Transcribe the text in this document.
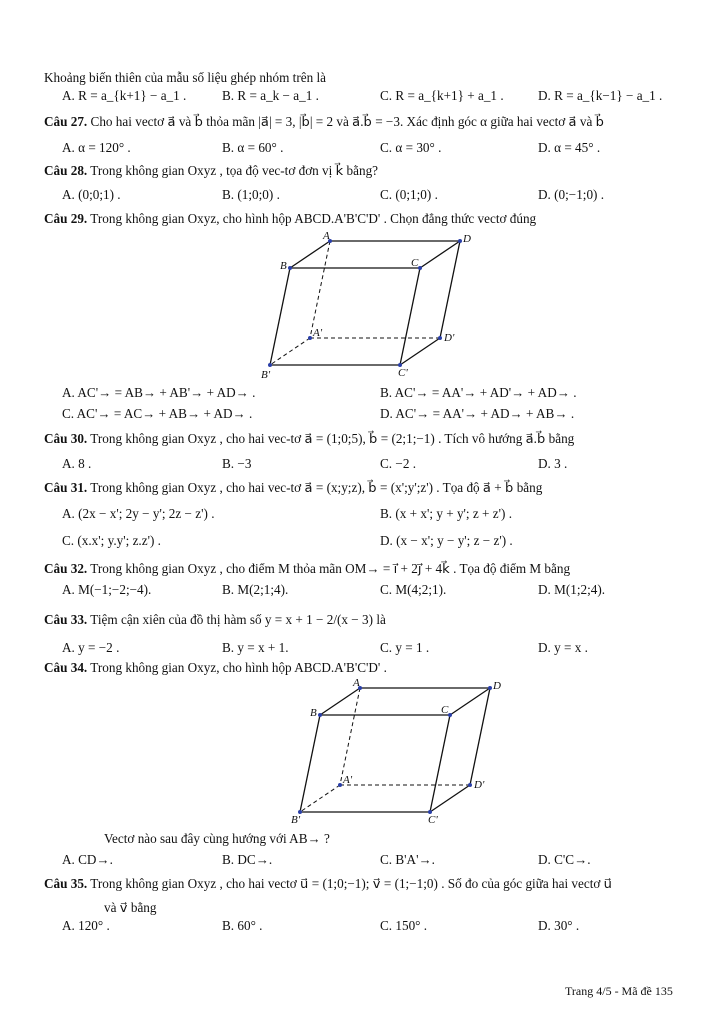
Khoảng biến thiên của mẫu số liệu ghép nhóm trên là
A. R = a_{k+1} − a_1 .	B. R = a_k − a_1 .	C. R = a_{k+1} + a_1 .	D. R = a_{k−1} − a_1 .
Câu 27. Cho hai vectơ a⃗ và b⃗ thỏa mãn |a⃗| = 3, |b⃗| = 2 và a⃗.b⃗ = −3. Xác định góc α giữa hai vectơ a⃗ và b⃗
A. α = 120° .	B. α = 60° .	C. α = 30° .	D. α = 45° .
Câu 28. Trong không gian Oxyz , tọa độ vec-tơ đơn vị k⃗ bằng?
A. (0;0;1) .	B. (1;0;0) .	C. (0;1;0) .	D. (0;−1;0) .
Câu 29. Trong không gian Oxyz, cho hình hộp ABCD.A'B'C'D' . Chọn đẳng thức vectơ đúng
A	D
B	C
A'	D'
B'	C'
A. AC'→ = AB→ + AB'→ + AD→ .	B. AC'→ = AA'→ + AD'→ + AD→ .
C. AC'→ = AC→ + AB→ + AD→ .	D. AC'→ = AA'→ + AD→ + AB→ .
Câu 30. Trong không gian Oxyz , cho hai vec-tơ a⃗ = (1;0;5), b⃗ = (2;1;−1) . Tích vô hướng a⃗.b⃗ bằng
A. 8 .	B. −3	C. −2 .	D. 3 .
Câu 31. Trong không gian Oxyz , cho hai vec-tơ a⃗ = (x;y;z), b⃗ = (x';y';z') . Tọa độ a⃗ + b⃗ bằng
A. (2x − x'; 2y − y'; 2z − z') .	B. (x + x'; y + y'; z + z') .
C. (x.x'; y.y'; z.z') .	D. (x − x'; y − y'; z − z') .
Câu 32. Trong không gian Oxyz , cho điểm M thỏa mãn OM→ = i⃗ + 2j⃗ + 4k⃗ . Tọa độ điểm M bằng
A. M(−1;−2;−4).	B. M(2;1;4).	C. M(4;2;1).	D. M(1;2;4).
Câu 33. Tiệm cận xiên của đồ thị hàm số y = x + 1 − 2/(x − 3) là
A. y = −2 .	B. y = x + 1.	C. y = 1 .	D. y = x .
Câu 34. Trong không gian Oxyz, cho hình hộp ABCD.A'B'C'D' .
A	D
B	C
A'	D'
B'	C'
Vectơ nào sau đây cùng hướng với AB→ ?
A. CD→.	B. DC→.	C. B'A'→.	D. C'C→.
Câu 35. Trong không gian Oxyz , cho hai vectơ u⃗ = (1;0;−1); v⃗ = (1;−1;0) . Số đo của góc giữa hai vectơ u⃗
và v⃗ bằng
A. 120° .	B. 60° .	C. 150° .	D. 30° .
Trang 4/5 - Mã đề 135
